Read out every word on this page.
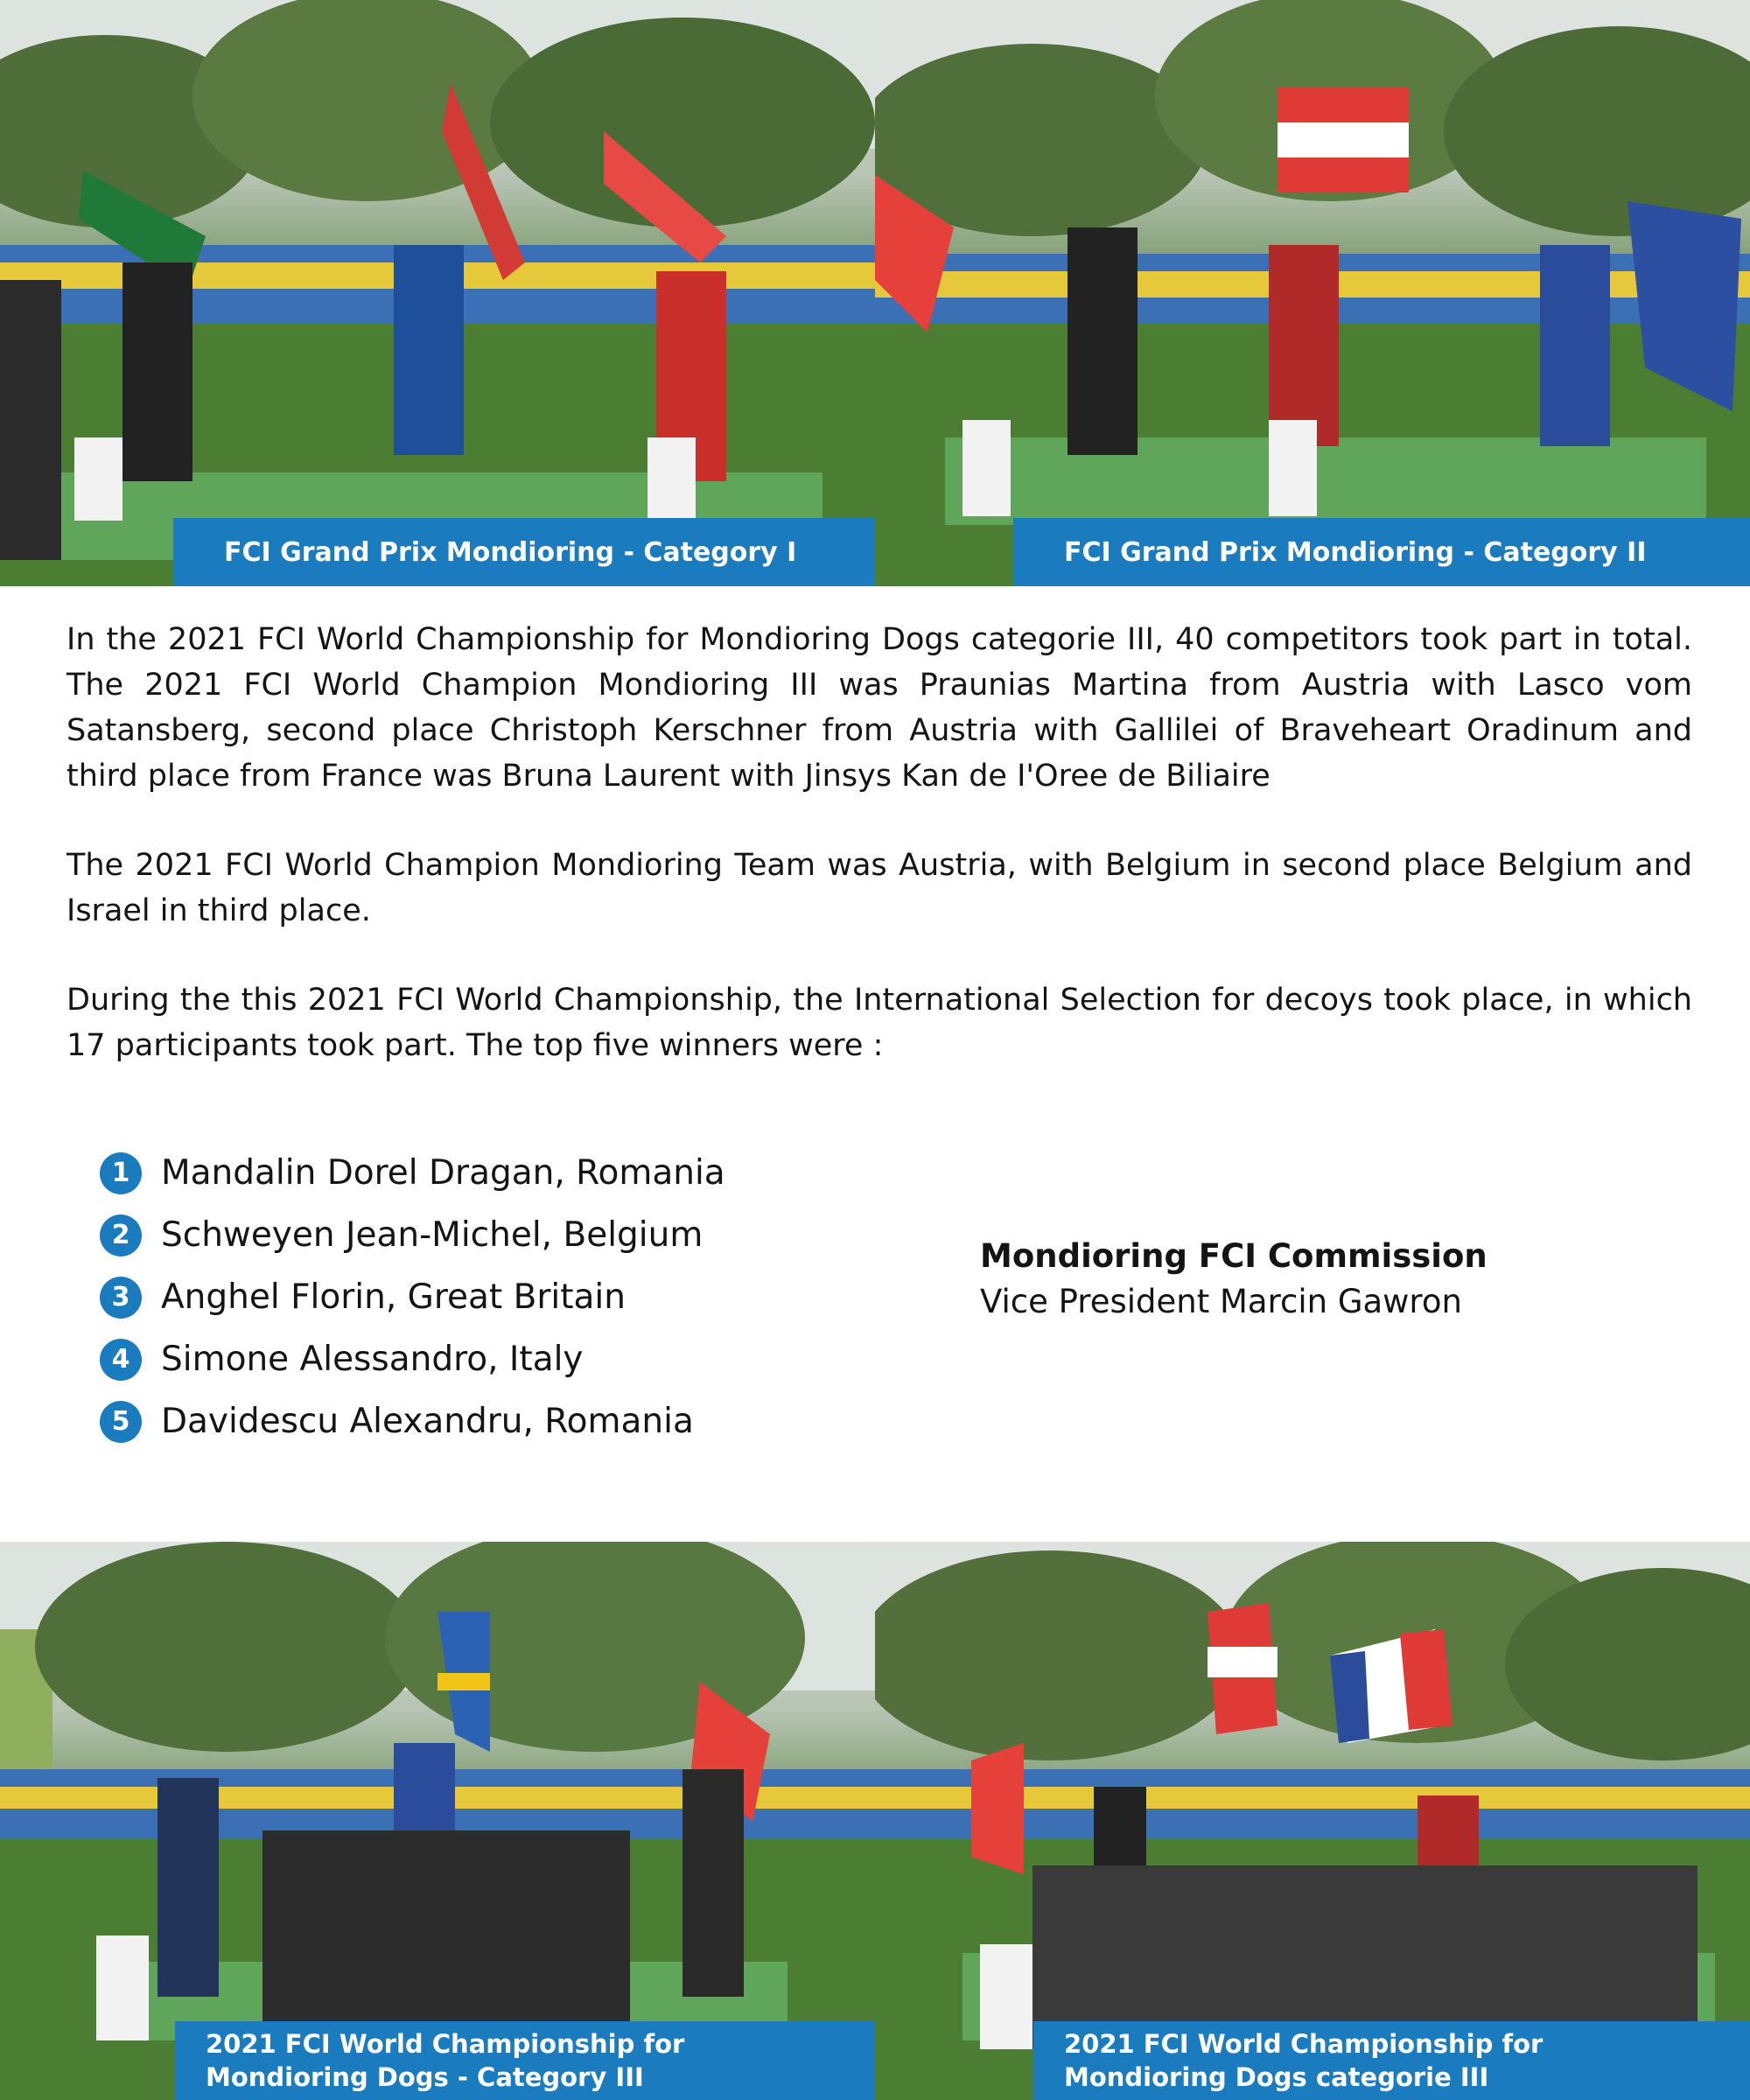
FCI Grand Prix Mondioring - Category I	FCI Grand Prix Mondioring - Category II
In the 2021 FCI World Championship for Mondioring Dogs categorie III, 40 competitors took part in total. The 2021 FCI World Champion Mondioring III was Praunias Martina from Austria with Lasco vom Satansberg, second place Christoph Kerschner from Austria with Gallilei of Braveheart Oradinum and third place from France was Bruna Laurent with Jinsys Kan de I'Oree de Biliaire
The 2021 FCI World Champion Mondioring Team was Austria, with Belgium in second place Belgium and Israel in third place.
During the this 2021 FCI World Championship, the International Selection for decoys took place, in which 17 participants took part. The top five winners were :
1 Mandalin Dorel Dragan, Romania
2 Schweyen Jean-Michel, Belgium
3 Anghel Florin, Great Britain
4 Simone Alessandro, Italy
5 Davidescu Alexandru, Romania
Mondioring FCI Commission
Vice President Marcin Gawron
2021 FCI World Championship for
Mondioring Dogs - Category III
2021 FCI World Championship for
Mondioring Dogs categorie III
